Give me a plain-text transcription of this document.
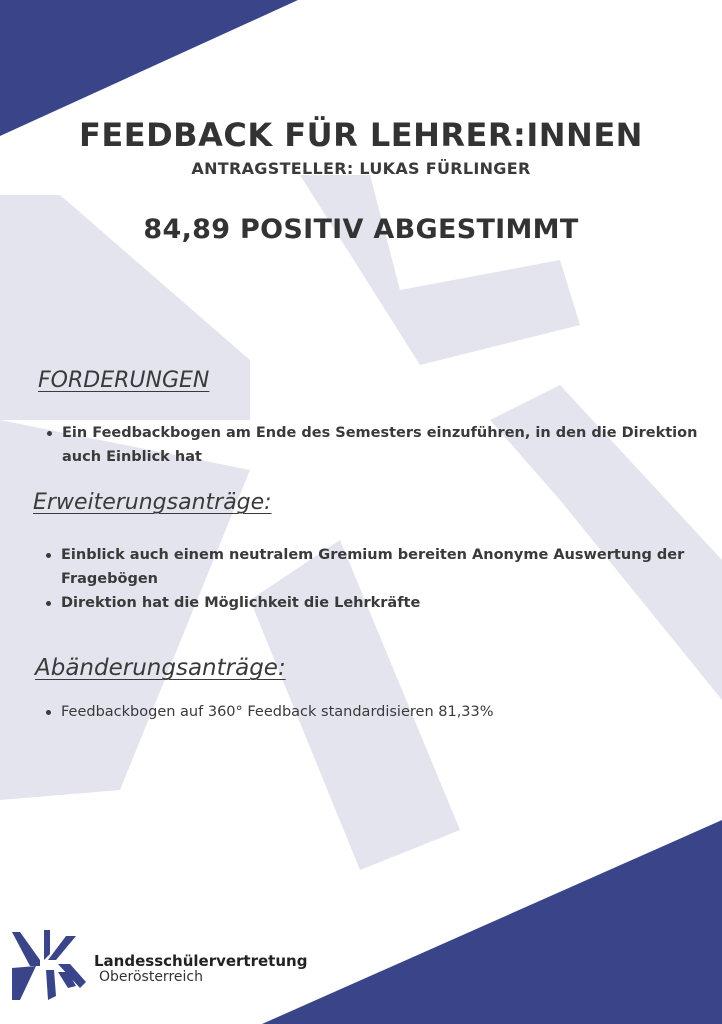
FEEDBACK FÜR LEHRER:INNEN
ANTRAGSTELLER: LUKAS FÜRLINGER
84,89 POSITIV ABGESTIMMT
FORDERUNGEN
Ein Feedbackbogen am Ende des Semesters einzuführen, in den die Direktion auch Einblick hat
Erweiterungsanträge:
Einblick auch einem neutralem Gremium bereiten Anonyme Auswertung der Fragebögen
Direktion hat die Möglichkeit die Lehrkräfte
Abänderungsanträge:
Feedbackbogen auf 360° Feedback standardisieren 81,33%
Landesschülervertretung
Oberösterreich
